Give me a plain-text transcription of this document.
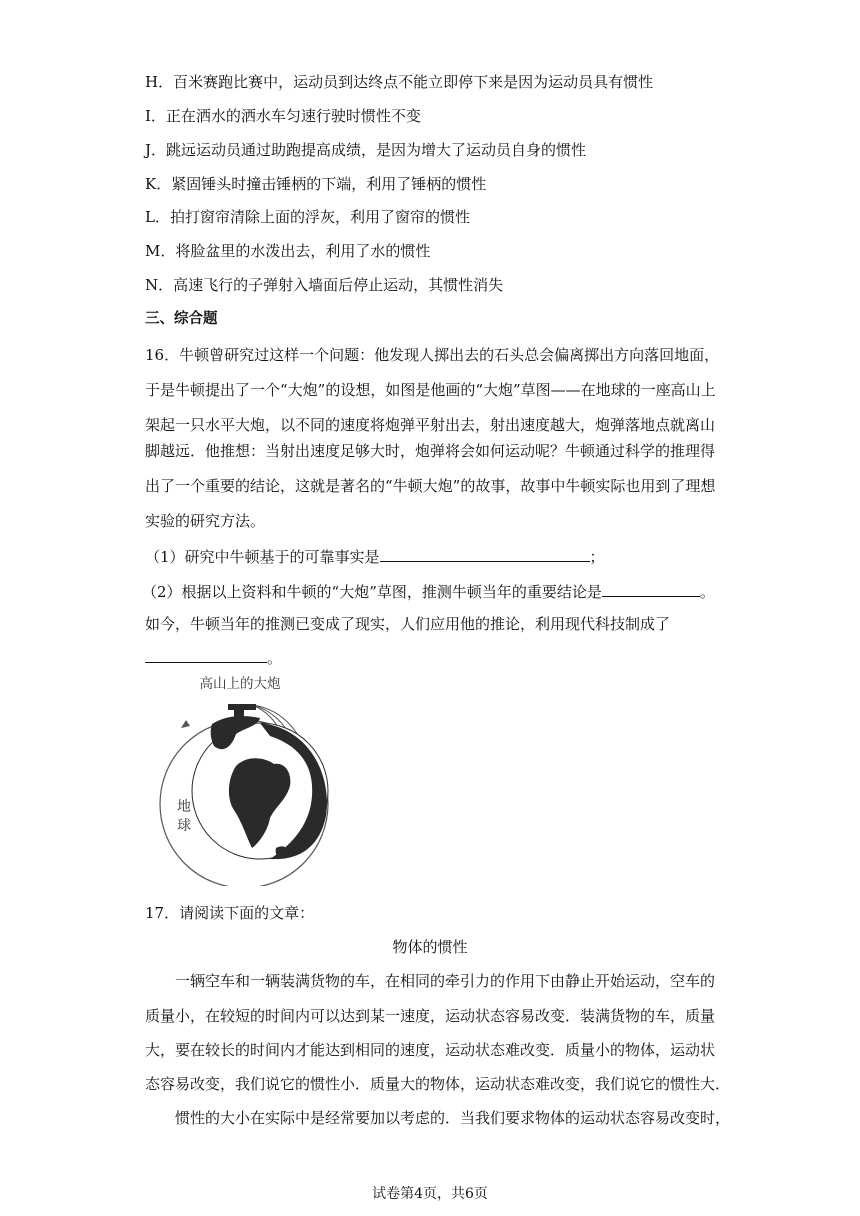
H．百米赛跑比赛中，运动员到达终点不能立即停下来是因为运动员具有惯性
I．正在洒水的洒水车匀速行驶时惯性不变
J．跳远运动员通过助跑提高成绩，是因为增大了运动员自身的惯性
K．紧固锤头时撞击锤柄的下端，利用了锤柄的惯性
L．拍打窗帘清除上面的浮灰，利用了窗帘的惯性
M．将脸盆里的水泼出去，利用了水的惯性
N．高速飞行的子弹射入墙面后停止运动，其惯性消失
三、综合题
16．牛顿曾研究过这样一个问题：他发现人掷出去的石头总会偏离掷出方向落回地面，
于是牛顿提出了一个“大炮”的设想，如图是他画的“大炮”草图——在地球的一座高山上
架起一只水平大炮，以不同的速度将炮弹平射出去，射出速度越大，炮弹落地点就离山
脚越远．他推想：当射出速度足够大时，炮弹将会如何运动呢？牛顿通过科学的推理得
出了一个重要的结论，这就是著名的“牛顿大炮”的故事，故事中牛顿实际也用到了理想
实验的研究方法。
（1）研究中牛顿基于的可靠事实是	；
（2）根据以上资料和牛顿的“大炮”草图，推测牛顿当年的重要结论是	。
如今，牛顿当年的推测已变成了现实，人们应用他的推论，利用现代科技制成了
。
高山上的大炮
地
球
17．请阅读下面的文章：
物体的惯性
一辆空车和一辆装满货物的车，在相同的牵引力的作用下由静止开始运动，空车的
质量小，在较短的时间内可以达到某一速度，运动状态容易改变．装满货物的车，质量
大，要在较长的时间内才能达到相同的速度，运动状态难改变．质量小的物体，运动状
态容易改变，我们说它的惯性小．质量大的物体，运动状态难改变，我们说它的惯性大．
惯性的大小在实际中是经常要加以考虑的．当我们要求物体的运动状态容易改变时，
试卷第4页，共6页
